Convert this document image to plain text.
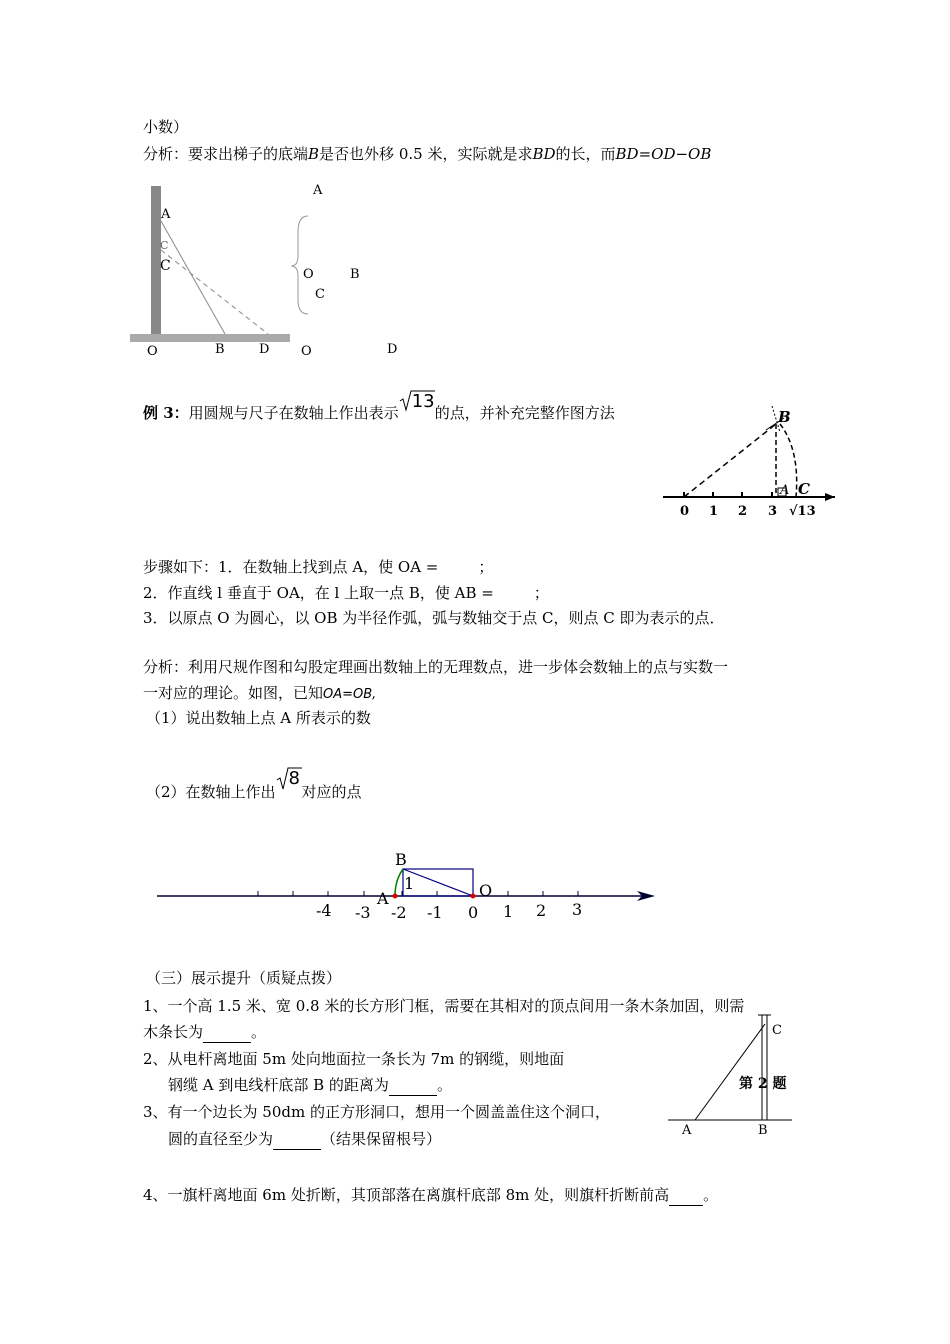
小数）
分析：要求出梯子的底端B是否也外移 0.5 米，实际就是求BD的长，而BD=OD−OB
A
C
C
O	B	D
A
O	B
C
O	D
例 3：用圆规与尺子在数轴上作出表示
13
的点，并补充完整作图方法	B
A C
0 1 2 3 √13
步骤如下：1．在数轴上找到点 A，使 OA =	；
2．作直线 l 垂直于 OA，在 l 上取一点 B，使 AB =	；
3．以原点 O 为圆心，以 OB 为半径作弧，弧与数轴交于点 C，则点 C 即为表示的点．
分析：利用尺规作图和勾股定理画出数轴上的无理数点，进一步体会数轴上的点与实数一
一对应的理论。如图，已知OA=OB,
（1）说出数轴上点 A 所表示的数
（2）在数轴上作出
8
对应的点
B
1
A	O
-4 -3 -2 -1 0 1 2 3
（三）展示提升（质疑点拨）
1、一个高 1.5 米、宽 0.8 米的长方形门框，需要在其相对的顶点间用一条木条加固，则需
木条长为	。
2、从电杆离地面 5m 处向地面拉一条长为 7m 的钢缆，则地面
钢缆 A 到电线杆底部 B 的距离为	。
3、有一个边长为 50dm 的正方形洞口，想用一个圆盖盖住这个洞口，
圆的直径至少为	（结果保留根号）
4、一旗杆离地面 6m 处折断，其顶部落在离旗杆底部 8m 处，则旗杆折断前高 。
C
第 2 题
A	B
